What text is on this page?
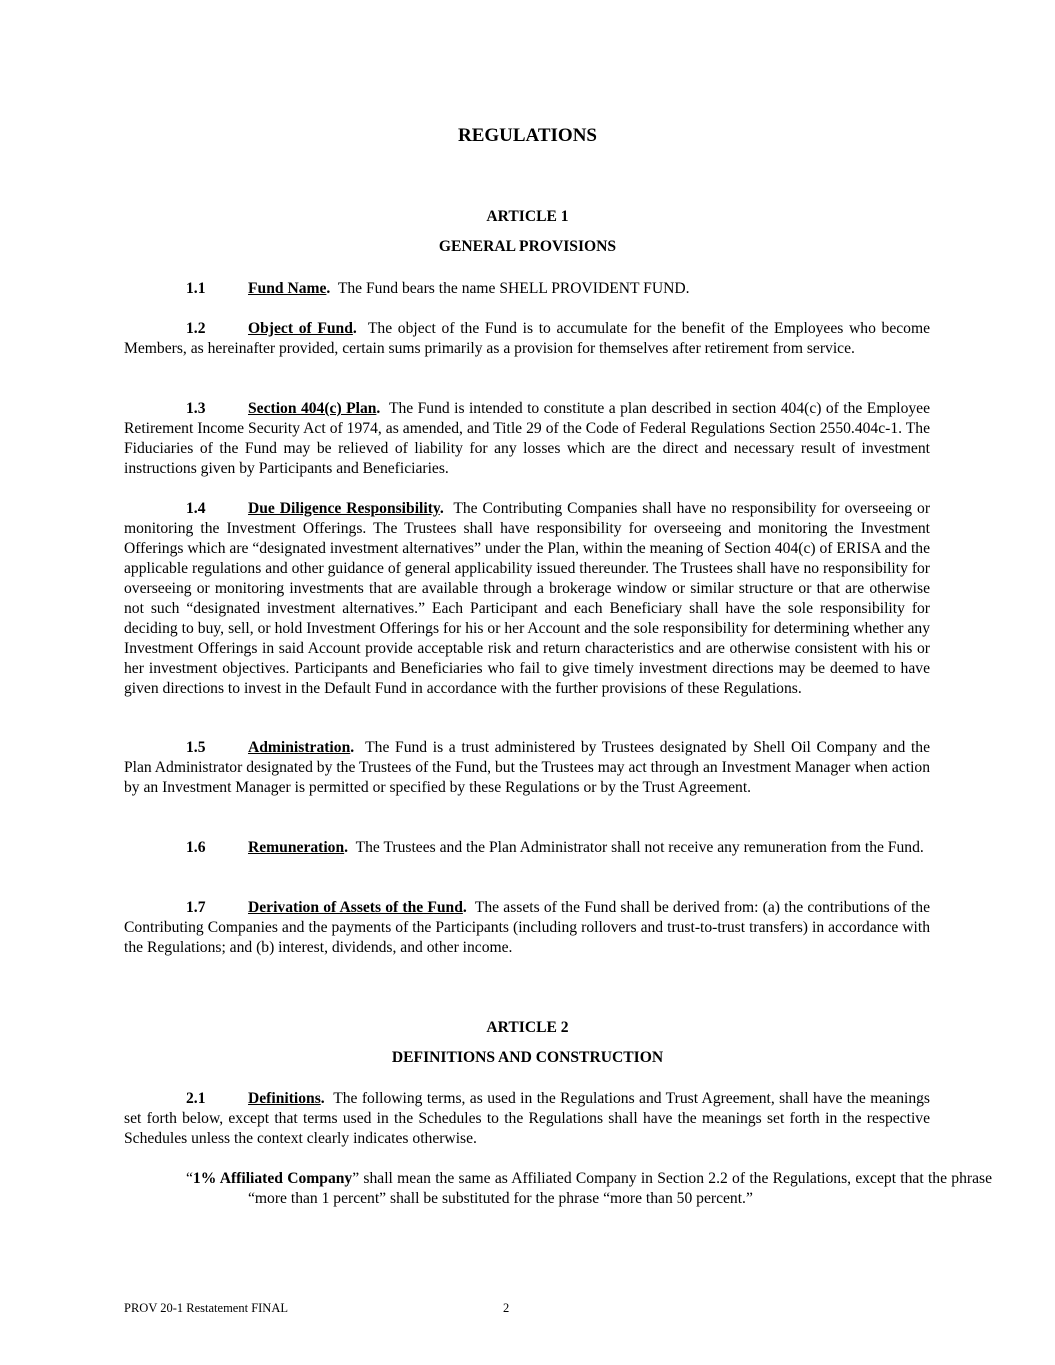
REGULATIONS
ARTICLE 1
GENERAL PROVISIONS

1.1	Fund Name. The Fund bears the name SHELL PROVIDENT FUND.

1.2	Object of Fund. The object of the Fund is to accumulate for the benefit of the Employees who become Members, as hereinafter provided, certain sums primarily as a provision for themselves after retirement from service.

1.3	Section 404(c) Plan. The Fund is intended to constitute a plan described in section 404(c) of the Employee Retirement Income Security Act of 1974, as amended, and Title 29 of the Code of Federal Regulations Section 2550.404c-1. The Fiduciaries of the Fund may be relieved of liability for any losses which are the direct and necessary result of investment instructions given by Participants and Beneficiaries.

1.4	Due Diligence Responsibility. The Contributing Companies shall have no responsibility for overseeing or monitoring the Investment Offerings. The Trustees shall have responsibility for overseeing and monitoring the Investment Offerings which are “designated investment alternatives” under the Plan, within the meaning of Section 404(c) of ERISA and the applicable regulations and other guidance of general applicability issued thereunder. The Trustees shall have no responsibility for overseeing or monitoring investments that are available through a brokerage window or similar structure or that are otherwise not such “designated investment alternatives.” Each Participant and each Beneficiary shall have the sole responsibility for deciding to buy, sell, or hold Investment Offerings for his or her Account and the sole responsibility for determining whether any Investment Offerings in said Account provide acceptable risk and return characteristics and are otherwise consistent with his or her investment objectives. Participants and Beneficiaries who fail to give timely investment directions may be deemed to have given directions to invest in the Default Fund in accordance with the further provisions of these Regulations.

1.5	Administration. The Fund is a trust administered by Trustees designated by Shell Oil Company and the Plan Administrator designated by the Trustees of the Fund, but the Trustees may act through an Investment Manager when action by an Investment Manager is permitted or specified by these Regulations or by the Trust Agreement.

1.6	Remuneration. The Trustees and the Plan Administrator shall not receive any remuneration from the Fund.

1.7	Derivation of Assets of the Fund. The assets of the Fund shall be derived from: (a) the contributions of the Contributing Companies and the payments of the Participants (including rollovers and trust-to-trust transfers) in accordance with the Regulations; and (b) interest, dividends, and other income.

ARTICLE 2
DEFINITIONS AND CONSTRUCTION

2.1	Definitions. The following terms, as used in the Regulations and Trust Agreement, shall have the meanings set forth below, except that terms used in the Schedules to the Regulations shall have the meanings set forth in the respective Schedules unless the context clearly indicates otherwise.

“1% Affiliated Company” shall mean the same as Affiliated Company in Section 2.2 of the Regulations, except that the phrase “more than 1 percent” shall be substituted for the phrase “more than 50 percent.”

PROV 20-1 Restatement FINAL	2
